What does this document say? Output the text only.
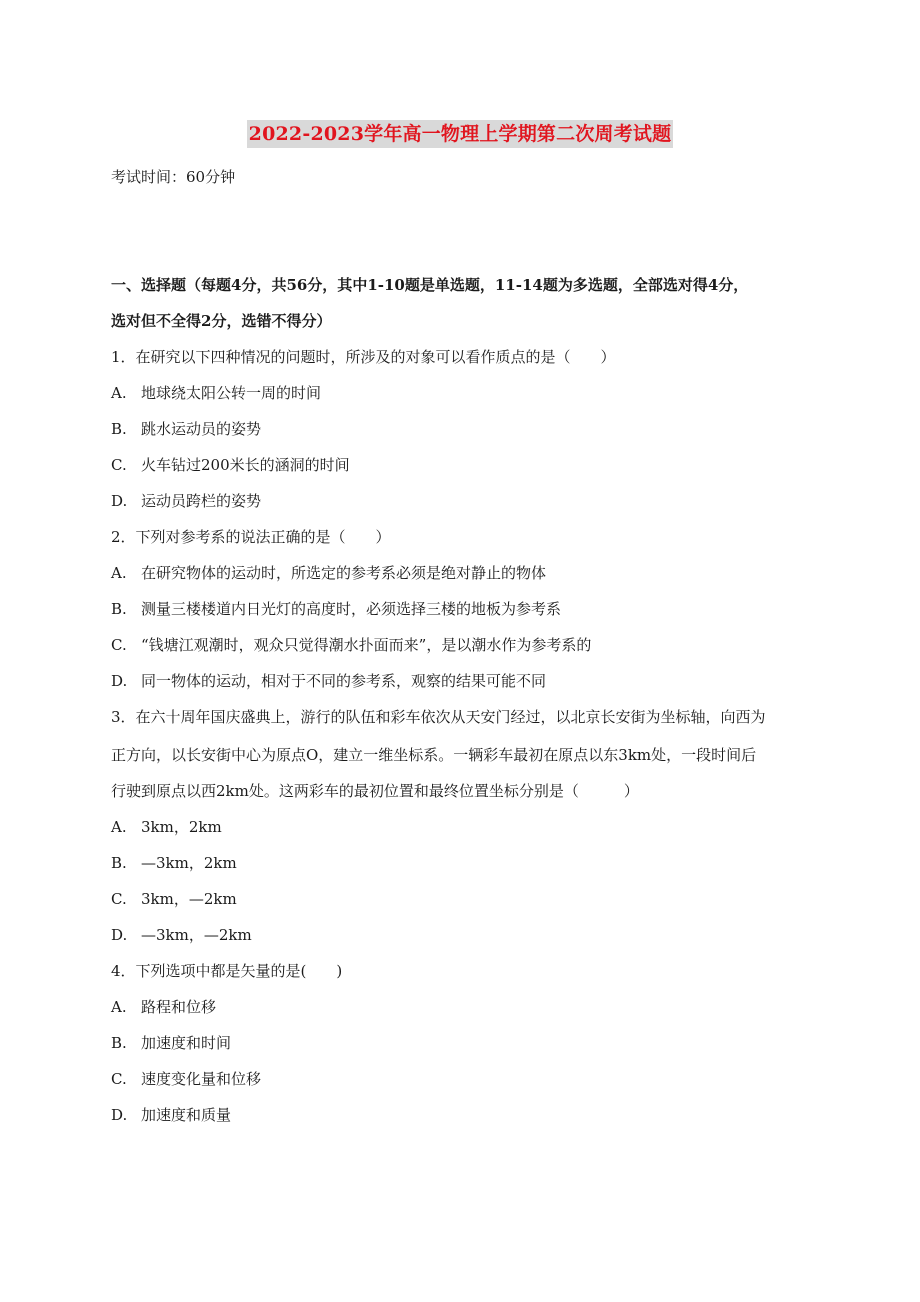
2022-2023学年高一物理上学期第二次周考试题
考试时间：60分钟
一、选择题（每题4分，共56分，其中1-10题是单选题，11-14题为多选题，全部选对得4分，
选对但不全得2分，选错不得分）
1．在研究以下四种情况的问题时，所涉及的对象可以看作质点的是（　　）
A. 地球绕太阳公转一周的时间
B. 跳水运动员的姿势
C. 火车钻过200米长的涵洞的时间
D. 运动员跨栏的姿势
2．下列对参考系的说法正确的是（　　）
A. 在研究物体的运动时，所选定的参考系必须是绝对静止的物体
B. 测量三楼楼道内日光灯的高度时，必须选择三楼的地板为参考系
C. “钱塘江观潮时，观众只觉得潮水扑面而来”，是以潮水作为参考系的
D. 同一物体的运动，相对于不同的参考系，观察的结果可能不同
3．在六十周年国庆盛典上，游行的队伍和彩车依次从天安门经过，以北京长安街为坐标轴，向西为
正方向，以长安街中心为原点O，建立一维坐标系。一辆彩车最初在原点以东3km处，一段时间后
行驶到原点以西2km处。这两彩车的最初位置和最终位置坐标分别是（　　　）
A. 3km，2km
B. —3km，2km
C. 3km，—2km
D. —3km，—2km
4．下列选项中都是矢量的是(　　)
A. 路程和位移
B. 加速度和时间
C. 速度变化量和位移
D. 加速度和质量
